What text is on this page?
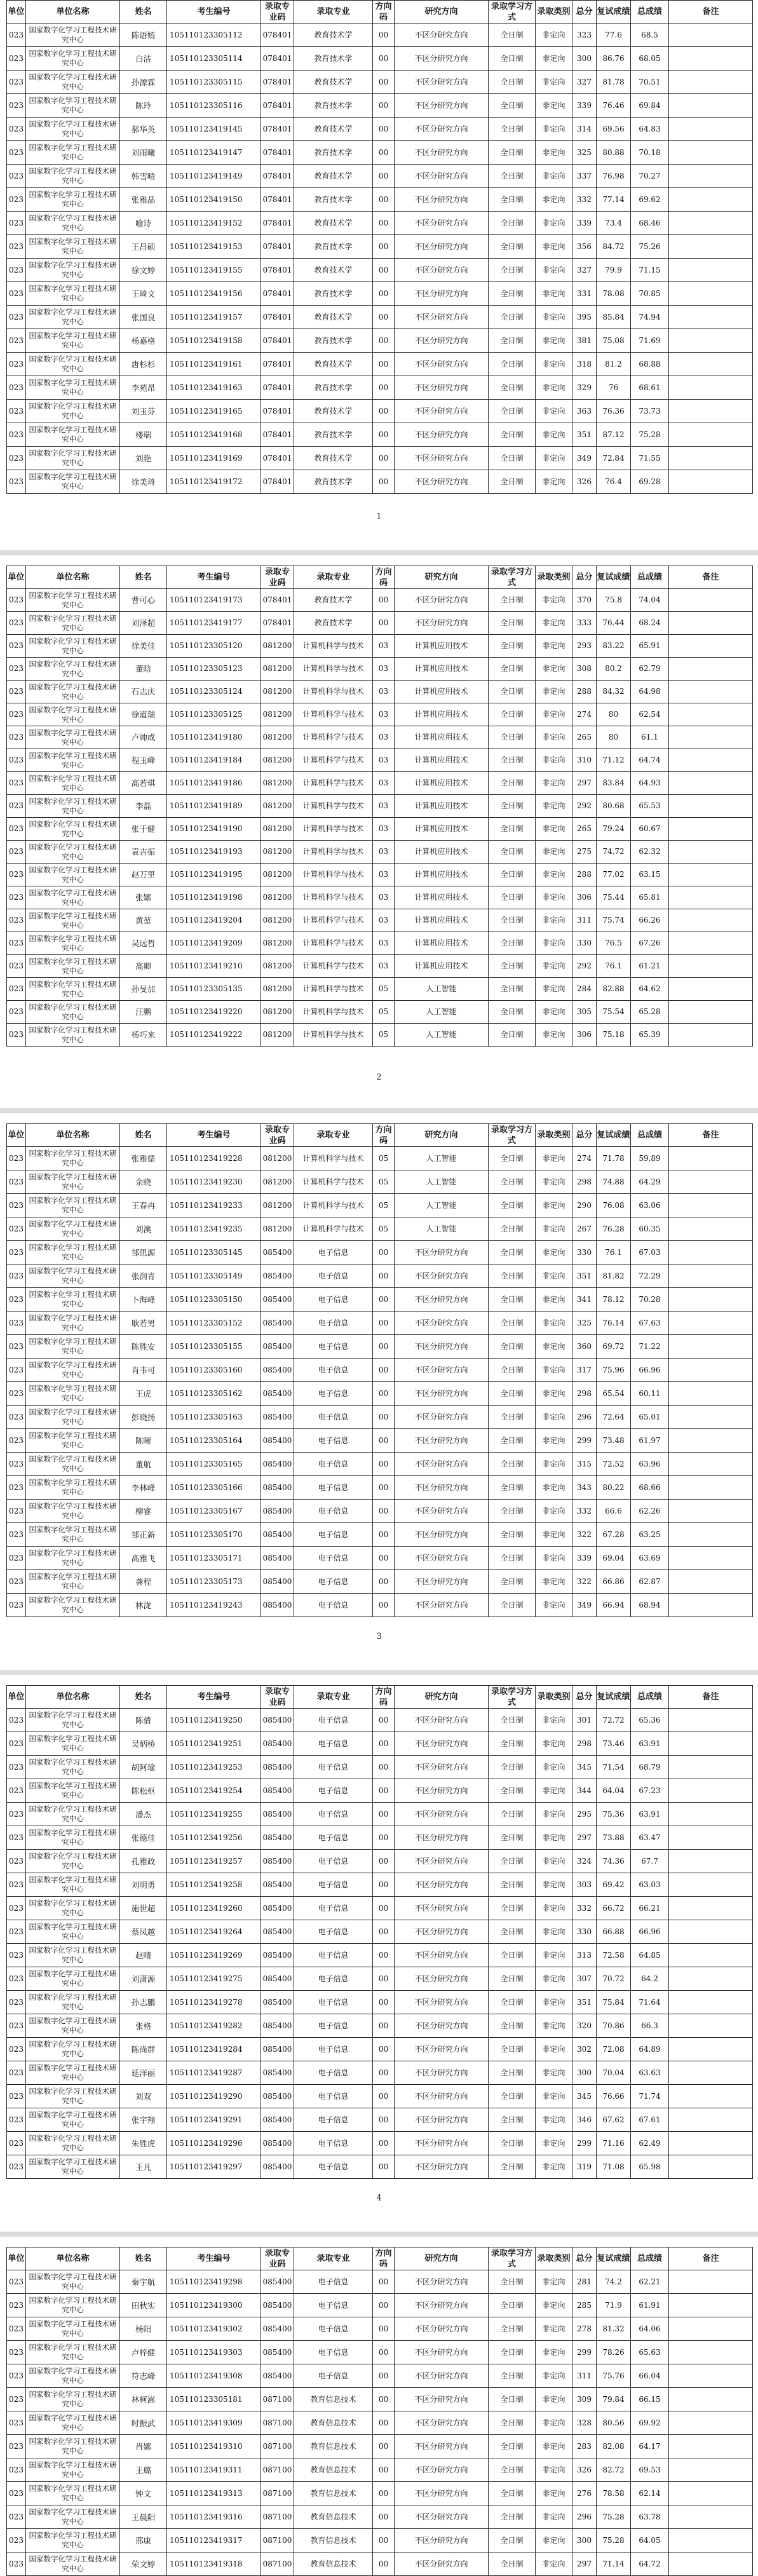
单位	单位名称	姓名	考生编号	录取专业码	录取专业	方向码	研究方向	录取学习方式	录取类别	总分	复试成绩	总成绩	备注
023	国家数字化学习工程技术研究中心	陈语嫣	105110123305112	078401	教育技术学	00	不区分研究方向	全日制	非定向	323	77.6	68.5	
023	国家数字化学习工程技术研究中心	白洁	105110123305114	078401	教育技术学	00	不区分研究方向	全日制	非定向	300	86.76	68.05	
023	国家数字化学习工程技术研究中心	孙源霖	105110123305115	078401	教育技术学	00	不区分研究方向	全日制	非定向	327	81.78	70.51	
023	国家数字化学习工程技术研究中心	陈玲	105110123305116	078401	教育技术学	00	不区分研究方向	全日制	非定向	339	76.46	69.84	
023	国家数字化学习工程技术研究中心	郝华英	105110123419145	078401	教育技术学	00	不区分研究方向	全日制	非定向	314	69.56	64.83	
023	国家数字化学习工程技术研究中心	刘雨曦	105110123419147	078401	教育技术学	00	不区分研究方向	全日制	非定向	325	80.88	70.18	
023	国家数字化学习工程技术研究中心	韩雪晴	105110123419149	078401	教育技术学	00	不区分研究方向	全日制	非定向	337	76.98	70.27	
023	国家数字化学习工程技术研究中心	张雅晶	105110123419150	078401	教育技术学	00	不区分研究方向	全日制	非定向	332	77.14	69.62	
023	国家数字化学习工程技术研究中心	喻诗	105110123419152	078401	教育技术学	00	不区分研究方向	全日制	非定向	339	73.4	68.46	
023	国家数字化学习工程技术研究中心	王昌硕	105110123419153	078401	教育技术学	00	不区分研究方向	全日制	非定向	356	84.72	75.26	
023	国家数字化学习工程技术研究中心	徐文婷	105110123419155	078401	教育技术学	00	不区分研究方向	全日制	非定向	327	79.9	71.15	
023	国家数字化学习工程技术研究中心	王琦文	105110123419156	078401	教育技术学	00	不区分研究方向	全日制	非定向	331	78.08	70.85	
023	国家数字化学习工程技术研究中心	张国良	105110123419157	078401	教育技术学	00	不区分研究方向	全日制	非定向	395	85.84	74.94	
023	国家数字化学习工程技术研究中心	杨嘉格	105110123419158	078401	教育技术学	00	不区分研究方向	全日制	非定向	381	75.08	71.69	
023	国家数字化学习工程技术研究中心	唐杉杉	105110123419161	078401	教育技术学	00	不区分研究方向	全日制	非定向	318	81.2	68.88	
023	国家数字化学习工程技术研究中心	李苑昂	105110123419163	078401	教育技术学	00	不区分研究方向	全日制	非定向	329	76	68.61	
023	国家数字化学习工程技术研究中心	刘玉芬	105110123419165	078401	教育技术学	00	不区分研究方向	全日制	非定向	363	76.36	73.73	
023	国家数字化学习工程技术研究中心	楼瑞	105110123419168	078401	教育技术学	00	不区分研究方向	全日制	非定向	351	87.12	75.28	
023	国家数字化学习工程技术研究中心	刘艳	105110123419169	078401	教育技术学	00	不区分研究方向	全日制	非定向	349	72.84	71.55	
023	国家数字化学习工程技术研究中心	徐美琦	105110123419172	078401	教育技术学	00	不区分研究方向	全日制	非定向	326	76.4	69.28	
1
单位	单位名称	姓名	考生编号	录取专业码	录取专业	方向码	研究方向	录取学习方式	录取类别	总分	复试成绩	总成绩	备注
023	国家数字化学习工程技术研究中心	曹可心	105110123419173	078401	教育技术学	00	不区分研究方向	全日制	非定向	370	75.8	74.04	
023	国家数字化学习工程技术研究中心	刘泽超	105110123419177	078401	教育技术学	00	不区分研究方向	全日制	非定向	333	76.44	68.24	
023	国家数字化学习工程技术研究中心	徐美佳	105110123305120	081200	计算机科学与技术	03	计算机应用技术	全日制	非定向	293	83.22	65.91	
023	国家数字化学习工程技术研究中心	董晗	105110123305123	081200	计算机科学与技术	03	计算机应用技术	全日制	非定向	308	80.2	62.79	
023	国家数字化学习工程技术研究中心	石志庆	105110123305124	081200	计算机科学与技术	03	计算机应用技术	全日制	非定向	288	84.32	64.98	
023	国家数字化学习工程技术研究中心	徐道瑞	105110123305125	081200	计算机科学与技术	03	计算机应用技术	全日制	非定向	274	80	62.54	
023	国家数字化学习工程技术研究中心	卢帅成	105110123419180	081200	计算机科学与技术	03	计算机应用技术	全日制	非定向	265	80	61.1	
023	国家数字化学习工程技术研究中心	程玉峰	105110123419184	081200	计算机科学与技术	03	计算机应用技术	全日制	非定向	310	71.12	64.74	
023	国家数字化学习工程技术研究中心	高若琪	105110123419186	081200	计算机科学与技术	03	计算机应用技术	全日制	非定向	297	83.84	64.93	
023	国家数字化学习工程技术研究中心	李磊	105110123419189	081200	计算机科学与技术	03	计算机应用技术	全日制	非定向	292	80.68	65.53	
023	国家数字化学习工程技术研究中心	张于健	105110123419190	081200	计算机科学与技术	03	计算机应用技术	全日制	非定向	265	79.24	60.67	
023	国家数字化学习工程技术研究中心	袁吉振	105110123419193	081200	计算机科学与技术	03	计算机应用技术	全日制	非定向	275	74.72	62.32	
023	国家数字化学习工程技术研究中心	赵万里	105110123419195	081200	计算机科学与技术	03	计算机应用技术	全日制	非定向	288	77.02	63.15	
023	国家数字化学习工程技术研究中心	张娜	105110123419198	081200	计算机科学与技术	03	计算机应用技术	全日制	非定向	306	75.44	65.81	
023	国家数字化学习工程技术研究中心	黄堃	105110123419204	081200	计算机科学与技术	03	计算机应用技术	全日制	非定向	311	75.74	66.26	
023	国家数字化学习工程技术研究中心	吴远哲	105110123419209	081200	计算机科学与技术	03	计算机应用技术	全日制	非定向	330	76.5	67.26	
023	国家数字化学习工程技术研究中心	高卿	105110123419210	081200	计算机科学与技术	03	计算机应用技术	全日制	非定向	292	76.1	61.21	
023	国家数字化学习工程技术研究中心	孙旻加	105110123305135	081200	计算机科学与技术	05	人工智能	全日制	非定向	284	82.88	64.62	
023	国家数字化学习工程技术研究中心	汪鹏	105110123419220	081200	计算机科学与技术	05	人工智能	全日制	非定向	305	75.54	65.28	
023	国家数字化学习工程技术研究中心	杨巧来	105110123419222	081200	计算机科学与技术	05	人工智能	全日制	非定向	306	75.18	65.39	
2
单位	单位名称	姓名	考生编号	录取专业码	录取专业	方向码	研究方向	录取学习方式	录取类别	总分	复试成绩	总成绩	备注
023	国家数字化学习工程技术研究中心	张雅儒	105110123419228	081200	计算机科学与技术	05	人工智能	全日制	非定向	274	71.78	59.89	
023	国家数字化学习工程技术研究中心	余晓	105110123419230	081200	计算机科学与技术	05	人工智能	全日制	非定向	298	74.88	64.29	
023	国家数字化学习工程技术研究中心	王春冉	105110123419233	081200	计算机科学与技术	05	人工智能	全日制	非定向	290	76.08	63.06	
023	国家数字化学习工程技术研究中心	刘澳	105110123419235	081200	计算机科学与技术	05	人工智能	全日制	非定向	267	76.28	60.35	
023	国家数字化学习工程技术研究中心	邹思源	105110123305145	085400	电子信息	00	不区分研究方向	全日制	非定向	330	76.1	67.03	
023	国家数字化学习工程技术研究中心	张润青	105110123305149	085400	电子信息	00	不区分研究方向	全日制	非定向	351	81.82	72.29	
023	国家数字化学习工程技术研究中心	卜海峰	105110123305150	085400	电子信息	00	不区分研究方向	全日制	非定向	341	78.12	70.28	
023	国家数字化学习工程技术研究中心	耿若男	105110123305152	085400	电子信息	00	不区分研究方向	全日制	非定向	325	76.14	67.63	
023	国家数字化学习工程技术研究中心	陈胜安	105110123305155	085400	电子信息	00	不区分研究方向	全日制	非定向	360	69.72	71.22	
023	国家数字化学习工程技术研究中心	肖韦可	105110123305160	085400	电子信息	00	不区分研究方向	全日制	非定向	317	75.96	66.96	
023	国家数字化学习工程技术研究中心	王虎	105110123305162	085400	电子信息	00	不区分研究方向	全日制	非定向	298	65.54	60.11	
023	国家数字化学习工程技术研究中心	彭晓扬	105110123305163	085400	电子信息	00	不区分研究方向	全日制	非定向	296	72.64	65.01	
023	国家数字化学习工程技术研究中心	陈晰	105110123305164	085400	电子信息	00	不区分研究方向	全日制	非定向	299	73.48	61.97	
023	国家数字化学习工程技术研究中心	董航	105110123305165	085400	电子信息	00	不区分研究方向	全日制	非定向	315	72.52	63.96	
023	国家数字化学习工程技术研究中心	李林峰	105110123305166	085400	电子信息	00	不区分研究方向	全日制	非定向	343	80.22	68.66	
023	国家数字化学习工程技术研究中心	柳睿	105110123305167	085400	电子信息	00	不区分研究方向	全日制	非定向	332	66.6	62.26	
023	国家数字化学习工程技术研究中心	邹正新	105110123305170	085400	电子信息	00	不区分研究方向	全日制	非定向	322	67.28	63.25	
023	国家数字化学习工程技术研究中心	高雅飞	105110123305171	085400	电子信息	00	不区分研究方向	全日制	非定向	339	69.04	63.69	
023	国家数字化学习工程技术研究中心	龚程	105110123305173	085400	电子信息	00	不区分研究方向	全日制	非定向	322	66.86	62.87	
023	国家数字化学习工程技术研究中心	林泷	105110123419243	085400	电子信息	00	不区分研究方向	全日制	非定向	349	66.94	68.94	
3
单位	单位名称	姓名	考生编号	录取专业码	录取专业	方向码	研究方向	录取学习方式	录取类别	总分	复试成绩	总成绩	备注
023	国家数字化学习工程技术研究中心	陈倩	105110123419250	085400	电子信息	00	不区分研究方向	全日制	非定向	301	72.72	65.36	
023	国家数字化学习工程技术研究中心	吴炳桥	105110123419251	085400	电子信息	00	不区分研究方向	全日制	非定向	298	73.46	63.91	
023	国家数字化学习工程技术研究中心	胡阿瑜	105110123419253	085400	电子信息	00	不区分研究方向	全日制	非定向	345	71.54	68.79	
023	国家数字化学习工程技术研究中心	陈松枢	105110123419254	085400	电子信息	00	不区分研究方向	全日制	非定向	344	64.04	67.23	
023	国家数字化学习工程技术研究中心	潘杰	105110123419255	085400	电子信息	00	不区分研究方向	全日制	非定向	295	75.36	63.91	
023	国家数字化学习工程技术研究中心	张德佳	105110123419256	085400	电子信息	00	不区分研究方向	全日制	非定向	297	73.88	63.47	
023	国家数字化学习工程技术研究中心	孔雅政	105110123419257	085400	电子信息	00	不区分研究方向	全日制	非定向	324	74.36	67.7	
023	国家数字化学习工程技术研究中心	刘明勇	105110123419258	085400	电子信息	00	不区分研究方向	全日制	非定向	303	69.42	63.03	
023	国家数字化学习工程技术研究中心	施世超	105110123419260	085400	电子信息	00	不区分研究方向	全日制	非定向	332	66.72	66.21	
023	国家数字化学习工程技术研究中心	蔡凤越	105110123419264	085400	电子信息	00	不区分研究方向	全日制	非定向	330	66.88	66.96	
023	国家数字化学习工程技术研究中心	赵晴	105110123419269	085400	电子信息	00	不区分研究方向	全日制	非定向	313	72.58	64.85	
023	国家数字化学习工程技术研究中心	刘潇源	105110123419275	085400	电子信息	00	不区分研究方向	全日制	非定向	307	70.72	64.2	
023	国家数字化学习工程技术研究中心	孙志鹏	105110123419278	085400	电子信息	00	不区分研究方向	全日制	非定向	351	75.84	71.64	
023	国家数字化学习工程技术研究中心	张格	105110123419282	085400	电子信息	00	不区分研究方向	全日制	非定向	320	70.86	66.3	
023	国家数字化学习工程技术研究中心	陈尚群	105110123419284	085400	电子信息	00	不区分研究方向	全日制	非定向	302	72.08	64.89	
023	国家数字化学习工程技术研究中心	延洋丽	105110123419287	085400	电子信息	00	不区分研究方向	全日制	非定向	300	70.04	63.63	
023	国家数字化学习工程技术研究中心	刘双	105110123419290	085400	电子信息	00	不区分研究方向	全日制	非定向	345	76.66	71.74	
023	国家数字化学习工程技术研究中心	张宇翔	105110123419291	085400	电子信息	00	不区分研究方向	全日制	非定向	346	67.62	67.61	
023	国家数字化学习工程技术研究中心	朱胜虎	105110123419296	085400	电子信息	00	不区分研究方向	全日制	非定向	299	71.16	62.49	
023	国家数字化学习工程技术研究中心	王凡	105110123419297	085400	电子信息	00	不区分研究方向	全日制	非定向	319	71.08	65.98	
4
单位	单位名称	姓名	考生编号	录取专业码	录取专业	方向码	研究方向	录取学习方式	录取类别	总分	复试成绩	总成绩	备注
023	国家数字化学习工程技术研究中心	秦宇航	105110123419298	085400	电子信息	00	不区分研究方向	全日制	非定向	281	74.2	62.21	
023	国家数字化学习工程技术研究中心	田秋实	105110123419300	085400	电子信息	00	不区分研究方向	全日制	非定向	285	71.9	61.91	
023	国家数字化学习工程技术研究中心	杨阳	105110123419302	085400	电子信息	00	不区分研究方向	全日制	非定向	278	81.32	64.06	
023	国家数字化学习工程技术研究中心	卢梓健	105110123419303	085400	电子信息	00	不区分研究方向	全日制	非定向	299	78.26	65.63	
023	国家数字化学习工程技术研究中心	符志峰	105110123419308	085400	电子信息	00	不区分研究方向	全日制	非定向	311	75.76	66.04	
023	国家数字化学习工程技术研究中心	林柯嵩	105110123305181	087100	教育信息技术	00	不区分研究方向	全日制	非定向	309	79.84	66.15	
023	国家数字化学习工程技术研究中心	时振武	105110123419309	087100	教育信息技术	00	不区分研究方向	全日制	非定向	328	80.56	69.92	
023	国家数字化学习工程技术研究中心	肖娜	105110123419310	087100	教育信息技术	00	不区分研究方向	全日制	非定向	283	82.08	64.17	
023	国家数字化学习工程技术研究中心	王璐	105110123419311	087100	教育信息技术	00	不区分研究方向	全日制	非定向	326	82.72	69.53	
023	国家数字化学习工程技术研究中心	钟文	105110123419313	087100	教育信息技术	00	不区分研究方向	全日制	非定向	276	78.58	62.14	
023	国家数字化学习工程技术研究中心	王晨阳	105110123419316	087100	教育信息技术	00	不区分研究方向	全日制	非定向	296	75.28	63.78	
023	国家数字化学习工程技术研究中心	邢康	105110123419317	087100	教育信息技术	00	不区分研究方向	全日制	非定向	300	75.28	64.05	
023	国家数字化学习工程技术研究中心	荣文婷	105110123419318	087100	教育信息技术	00	不区分研究方向	全日制	非定向	297	71.14	64.72	
